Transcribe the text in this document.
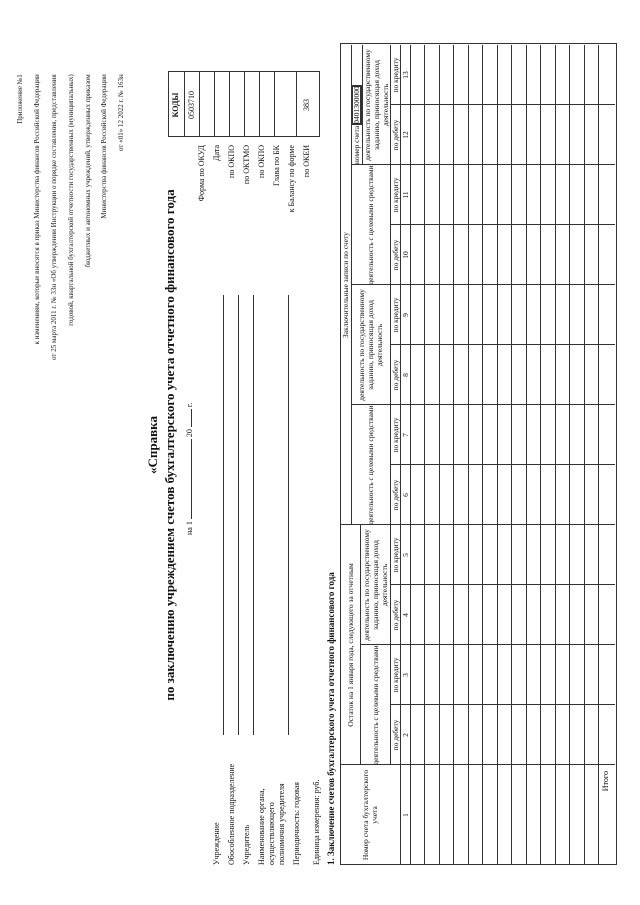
Приложение №1 к изменениям, которые вносятся в приказ Министерства финансов Российской Федерации от 25 марта 2011 г. № 33н «Об утверждении Инструкции о порядке составления, представления годовой, квартальной бухгалтерской отчетности государственных (муниципальных) бюджетных и автономных учреждений, утвержденных приказом Министерства финансов Российской Федерации от «01» 12 2022 г. № 163н

«Справка по заключению учреждением счетов бухгалтерского учета отчетного финансового года на 1  20  г.
Форма по ОКУД Дата по ОКПО по ОКТМО по ОКПО Глава по БК к Балансу по форме по ОКЕИ
КОДЫ 0503710	383
Учреждение Обособленное подразделение Учредитель Наименование органа, осуществляющего полномочия учредителя Периодичность: годовая Единица измерения: руб. 1. Заключение счетов бухгалтерского учета отчетного финансового года	Номер счета бухгалтерского учета
Остаток на 1 января года, следующего за отчетным
Заключительные записи по счету
номер счета
0401300000
деятельность с целевыми средствами
деятельность по государственному заданию, приносящая доход деятельность
деятельность с целевыми средствами
деятельность по государственному заданию, приносящая доход деятельность
деятельность с целевыми средствами
деятельность по государственному заданию, приносящая доход деятельность
по дебету
по кредиту
по дебету
по кредиту
по дебету
по кредиту
по дебету
по кредиту
по дебету
по кредиту
по дебету
по кредиту
1
2
3
4
5
6
7
8
9
10
11
12
13
Итого
